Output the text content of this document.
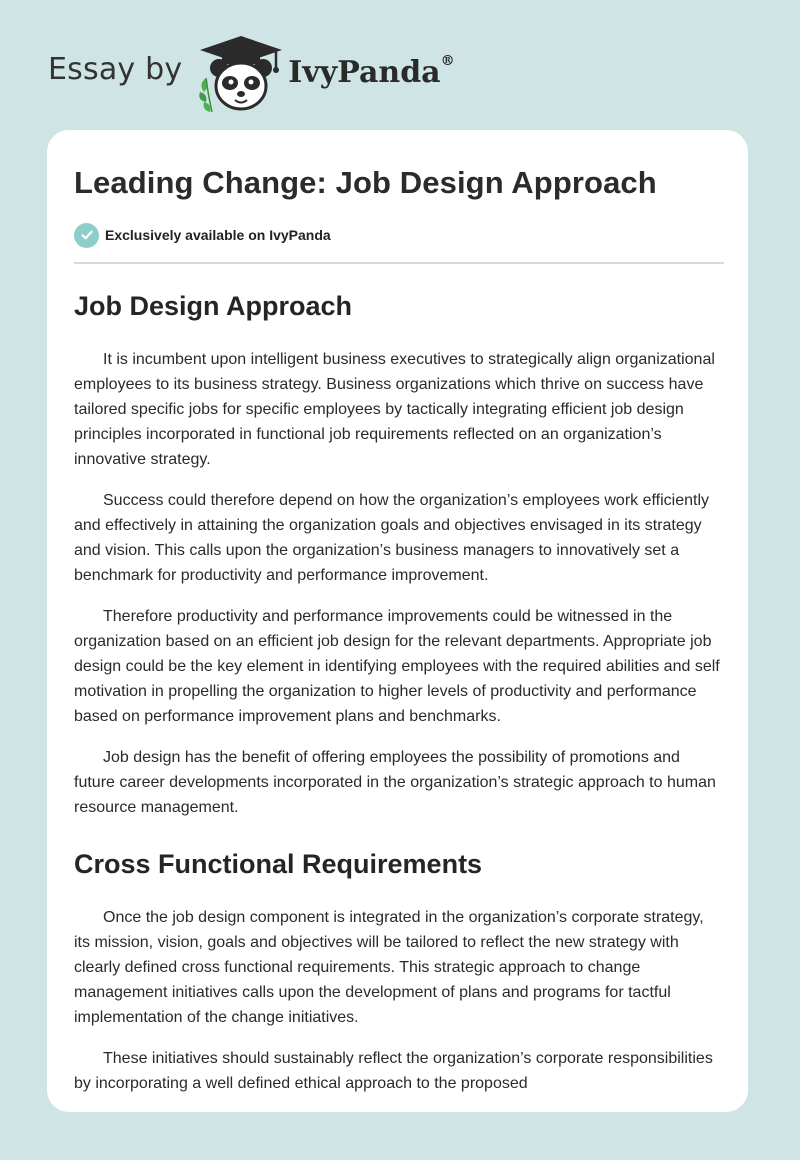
Essay by	IvyPanda®
Leading Change: Job Design Approach
Exclusively available on IvyPanda
Job Design Approach

It is incumbent upon intelligent business executives to strategically align organizational employees to its business strategy. Business organizations which thrive on success have tailored specific jobs for specific employees by tactically integrating efficient job design principles incorporated in functional job requirements reflected on an organization’s innovative strategy.

Success could therefore depend on how the organization’s employees work efficiently and effectively in attaining the organization goals and objectives envisaged in its strategy and vision. This calls upon the organization’s business managers to innovatively set a benchmark for productivity and performance improvement.

Therefore productivity and performance improvements could be witnessed in the organization based on an efficient job design for the relevant departments. Appropriate job design could be the key element in identifying employees with the required abilities and self motivation in propelling the organization to higher levels of productivity and performance based on performance improvement plans and benchmarks.

Job design has the benefit of offering employees the possibility of promotions and future career developments incorporated in the organization’s strategic approach to human resource management.

Cross Functional Requirements

Once the job design component is integrated in the organization’s corporate strategy, its mission, vision, goals and objectives will be tailored to reflect the new strategy with clearly defined cross functional requirements. This strategic approach to change management initiatives calls upon the development of plans and programs for tactful implementation of the change initiatives.

These initiatives should sustainably reflect the organization’s corporate responsibilities by incorporating a well defined ethical approach to the proposed
